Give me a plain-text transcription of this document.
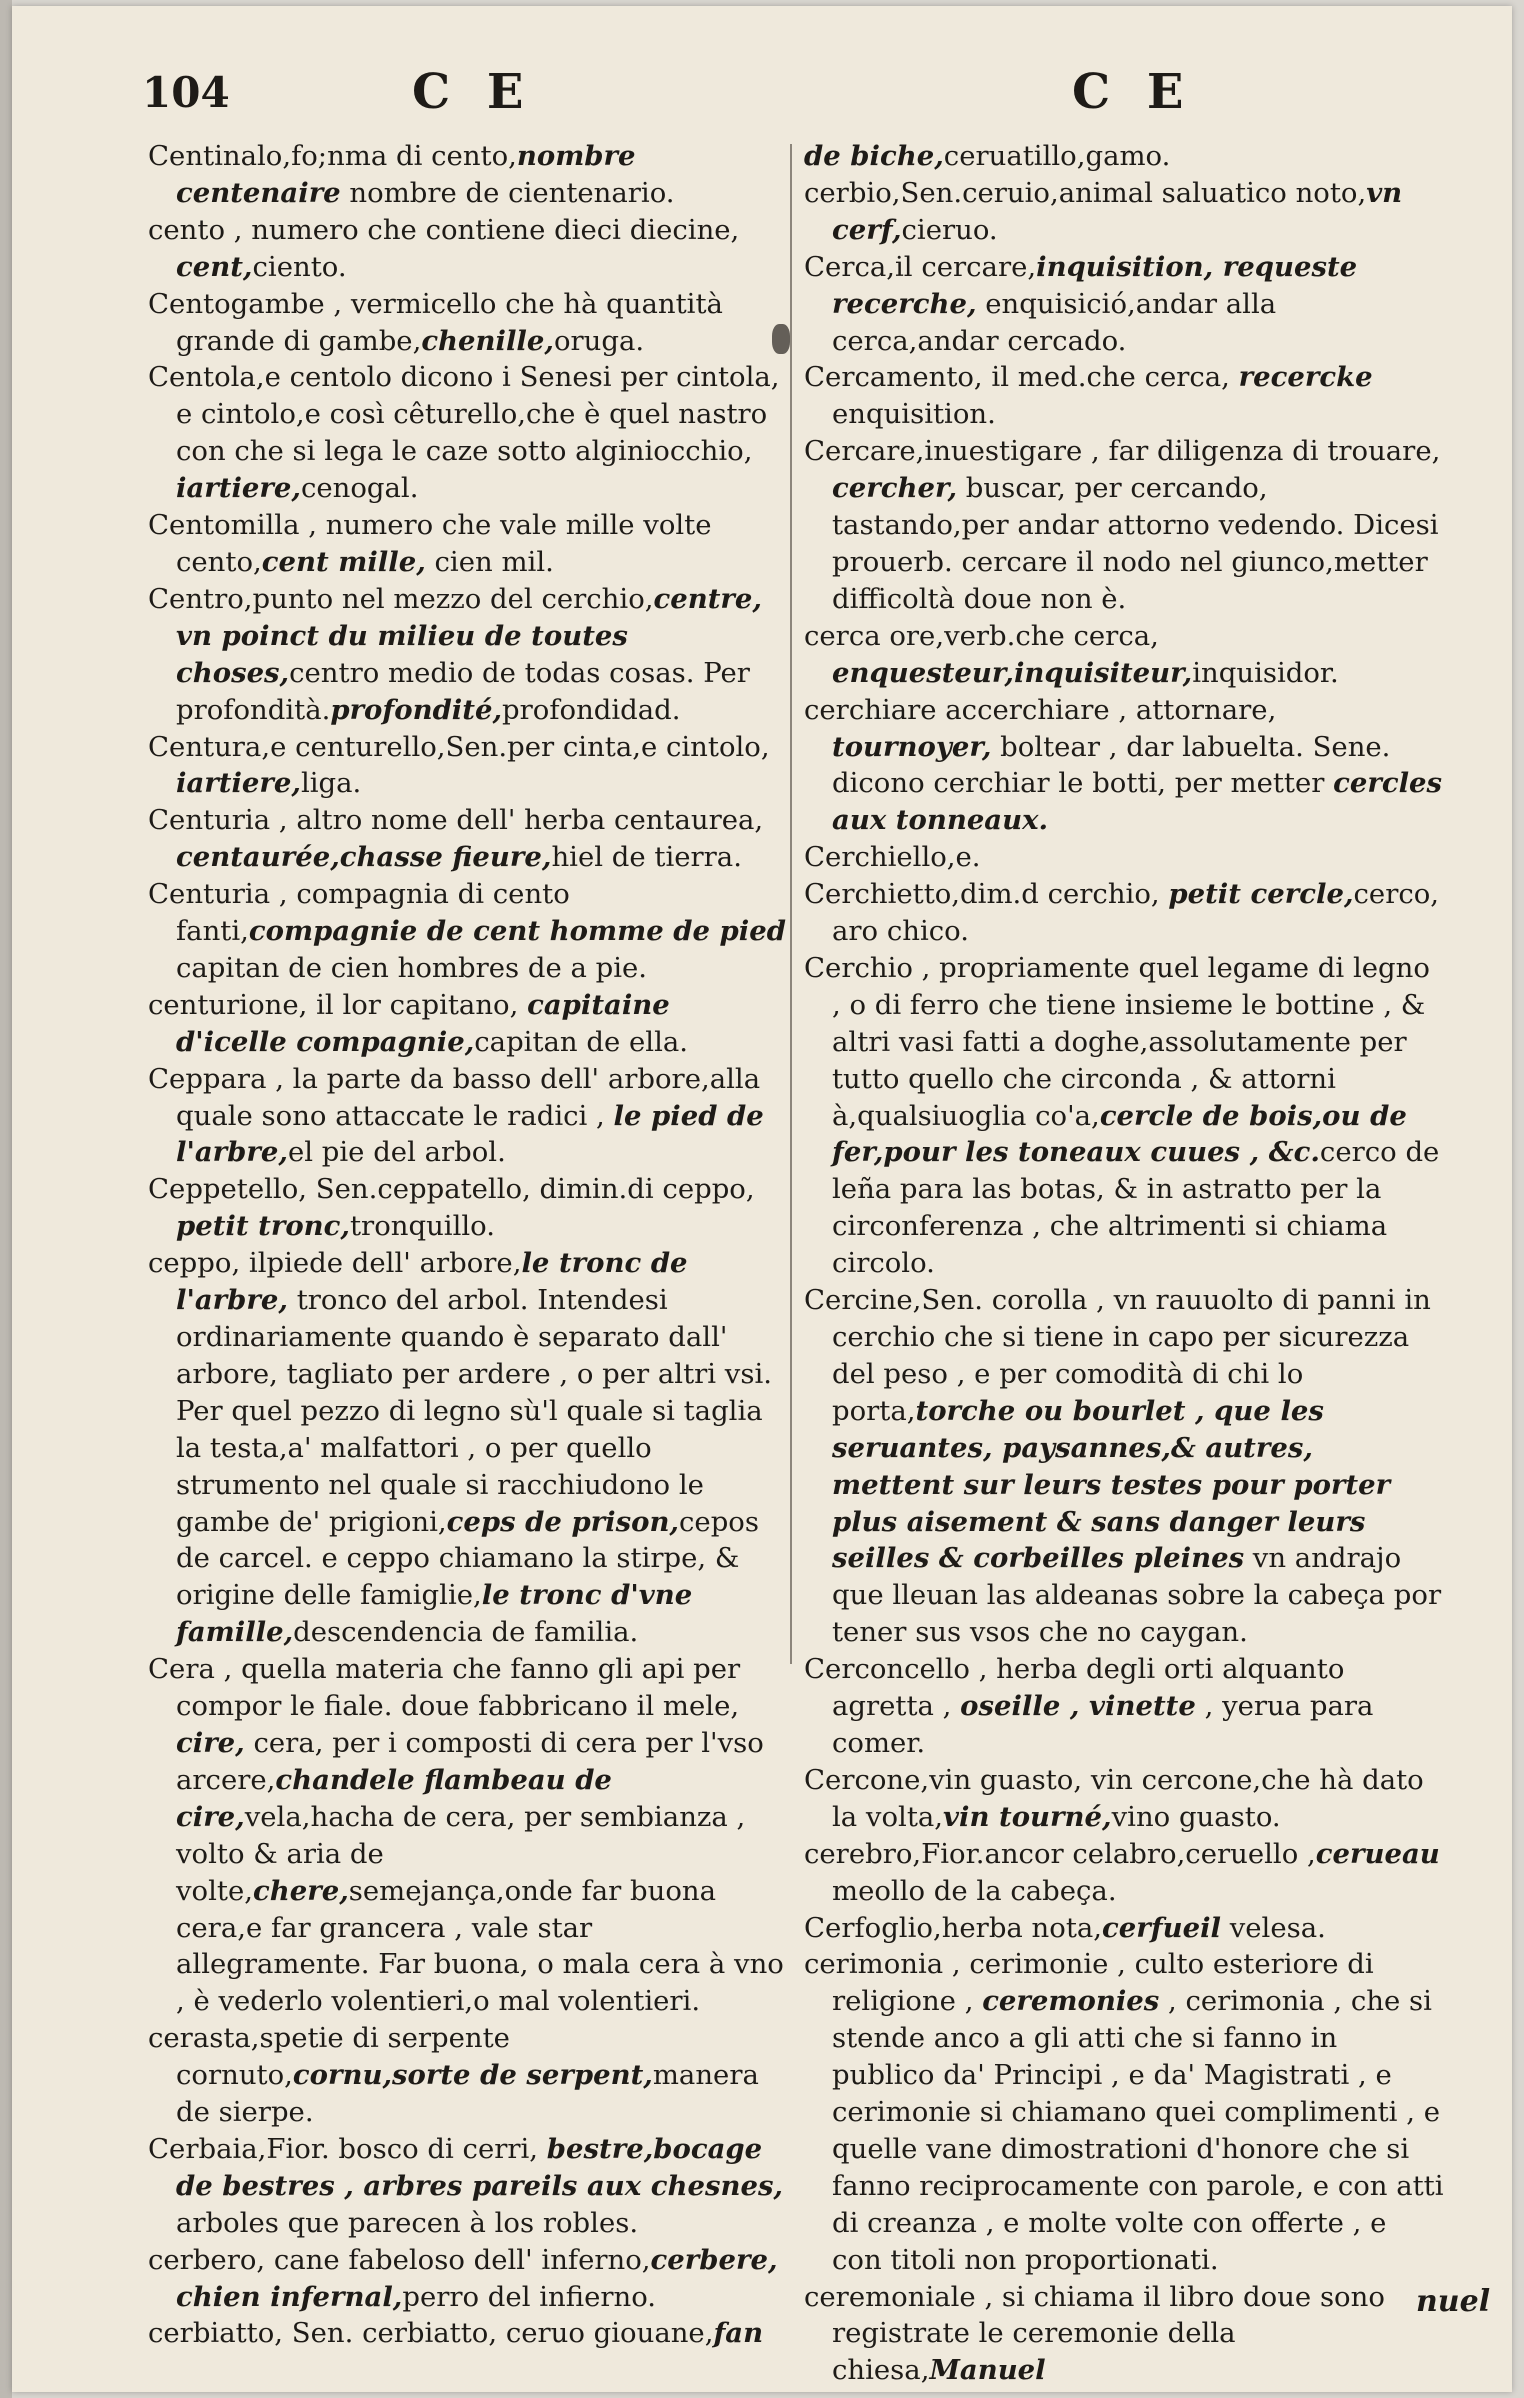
104	C E	C E

Centinalo,fo;nma di cento,nombre centenaire nombre de cientenario.

cento , numero che contiene dieci diecine, cent,ciento.

Centogambe , vermicello che hà quantità grande di gambe,chenille,oruga.

Centola,e centolo dicono i Senesi per cintola, e cintolo,e così cêturello,che è quel nastro con che si lega le caze sotto alginiocchio, iartiere,cenogal.

Centomilla , numero che vale mille volte cento,cent mille, cien mil.

Centro,punto nel mezzo del cerchio,centre, vn poinct du milieu de toutes choses,centro medio de todas cosas. Per profondità.profondité,profondidad.

Centura,e centurello,Sen.per cinta,e cintolo, iartiere,liga.

Centuria , altro nome dell' herba centaurea, centaurée,chasse fieure,hiel de tierra.

Centuria , compagnia di cento fanti,compagnie de cent homme de pied capitan de cien hombres de a pie.

centurione, il lor capitano, capitaine d'icelle compagnie,capitan de ella.

Ceppara , la parte da basso dell' arbore,alla quale sono attaccate le radici , le pied de l'arbre,el pie del arbol.

Ceppetello, Sen.ceppatello, dimin.di ceppo, petit tronc,tronquillo.

ceppo, ilpiede dell' arbore,le tronc de l'arbre, tronco del arbol. Intendesi ordinariamente quando è separato dall' arbore, tagliato per ardere , o per altri vsi. Per quel pezzo di legno sù'l quale si taglia la testa,a' malfattori , o per quello strumento nel quale si racchiudono le gambe de' prigioni,ceps de prison,cepos de carcel. e ceppo chiamano la stirpe, & origine delle famiglie,le tronc d'vne famille,descendencia de familia.

Cera , quella materia che fanno gli api per compor le fiale. doue fabbricano il mele, cire, cera, per i composti di cera per l'vso arcere,chandele flambeau de cire,vela,hacha de cera, per sembianza , volto & aria de volte,chere,semejança,onde far buona cera,e far grancera , vale star allegramente. Far buona, o mala cera à vno , è vederlo volentieri,o mal volentieri.

cerasta,spetie di serpente cornuto,cornu,sorte de serpent,manera de sierpe.

Cerbaia,Fior. bosco di cerri, bestre,bocage de bestres , arbres pareils aux chesnes, arboles que parecen à los robles.

cerbero, cane fabeloso dell' inferno,cerbere, chien infernal,perro del infierno.

cerbiatto, Sen. cerbiatto, ceruo giouane,fan

de biche,ceruatillo,gamo.

cerbio,Sen.ceruio,animal saluatico noto,vn cerf,cieruo.

Cerca,il cercare,inquisition, requeste recerche, enquisició,andar alla cerca,andar cercado.

Cercamento, il med.che cerca, recercke enquisition.

Cercare,inuestigare , far diligenza di trouare, cercher, buscar, per cercando, tastando,per andar attorno vedendo. Dicesi prouerb. cercare il nodo nel giunco,metter difficoltà doue non è.

cerca ore,verb.che cerca, enquesteur,inquisiteur,inquisidor.

cerchiare accerchiare , attornare, tournoyer, boltear , dar labuelta. Sene. dicono cerchiar le botti, per metter cercles aux tonneaux.

Cerchiello,e.

Cerchietto,dim.d cerchio, petit cercle,cerco, aro chico.

Cerchio , propriamente quel legame di legno , o di ferro che tiene insieme le bottine , & altri vasi fatti a doghe,assolutamente per tutto quello che circonda , & attorni à,qualsiuoglia co'a,cercle de bois,ou de fer,pour les toneaux cuues , &c.cerco de leña para las botas, & in astratto per la circonferenza , che altrimenti si chiama circolo.

Cercine,Sen. corolla , vn rauuolto di panni in cerchio che si tiene in capo per sicurezza del peso , e per comodità di chi lo porta,torche ou bourlet , que les seruantes, paysannes,& autres, mettent sur leurs testes pour porter plus aisement & sans danger leurs seilles & corbeilles pleines vn andrajo que lleuan las aldeanas sobre la cabeça por tener sus vsos che no caygan.

Cerconcello , herba degli orti alquanto agretta , oseille , vinette , yerua para comer.

Cercone,vin guasto, vin cercone,che hà dato la volta,vin tourné,vino guasto.

cerebro,Fior.ancor celabro,ceruello ,cerueau meollo de la cabeça.

Cerfoglio,herba nota,cerfueil velesa.

cerimonia , cerimonie , culto esteriore di religione , ceremonies , cerimonia , che si stende anco a gli atti che si fanno in publico da' Principi , e da' Magistrati , e cerimonie si chiamano quei complimenti , e quelle vane dimostrationi d'honore che si fanno reciprocamente con parole, e con atti di creanza , e molte volte con offerte , e con titoli non proportionati.

ceremoniale , si chiama il libro doue sono registrate le ceremonie della chiesa,Manuel

nuel
